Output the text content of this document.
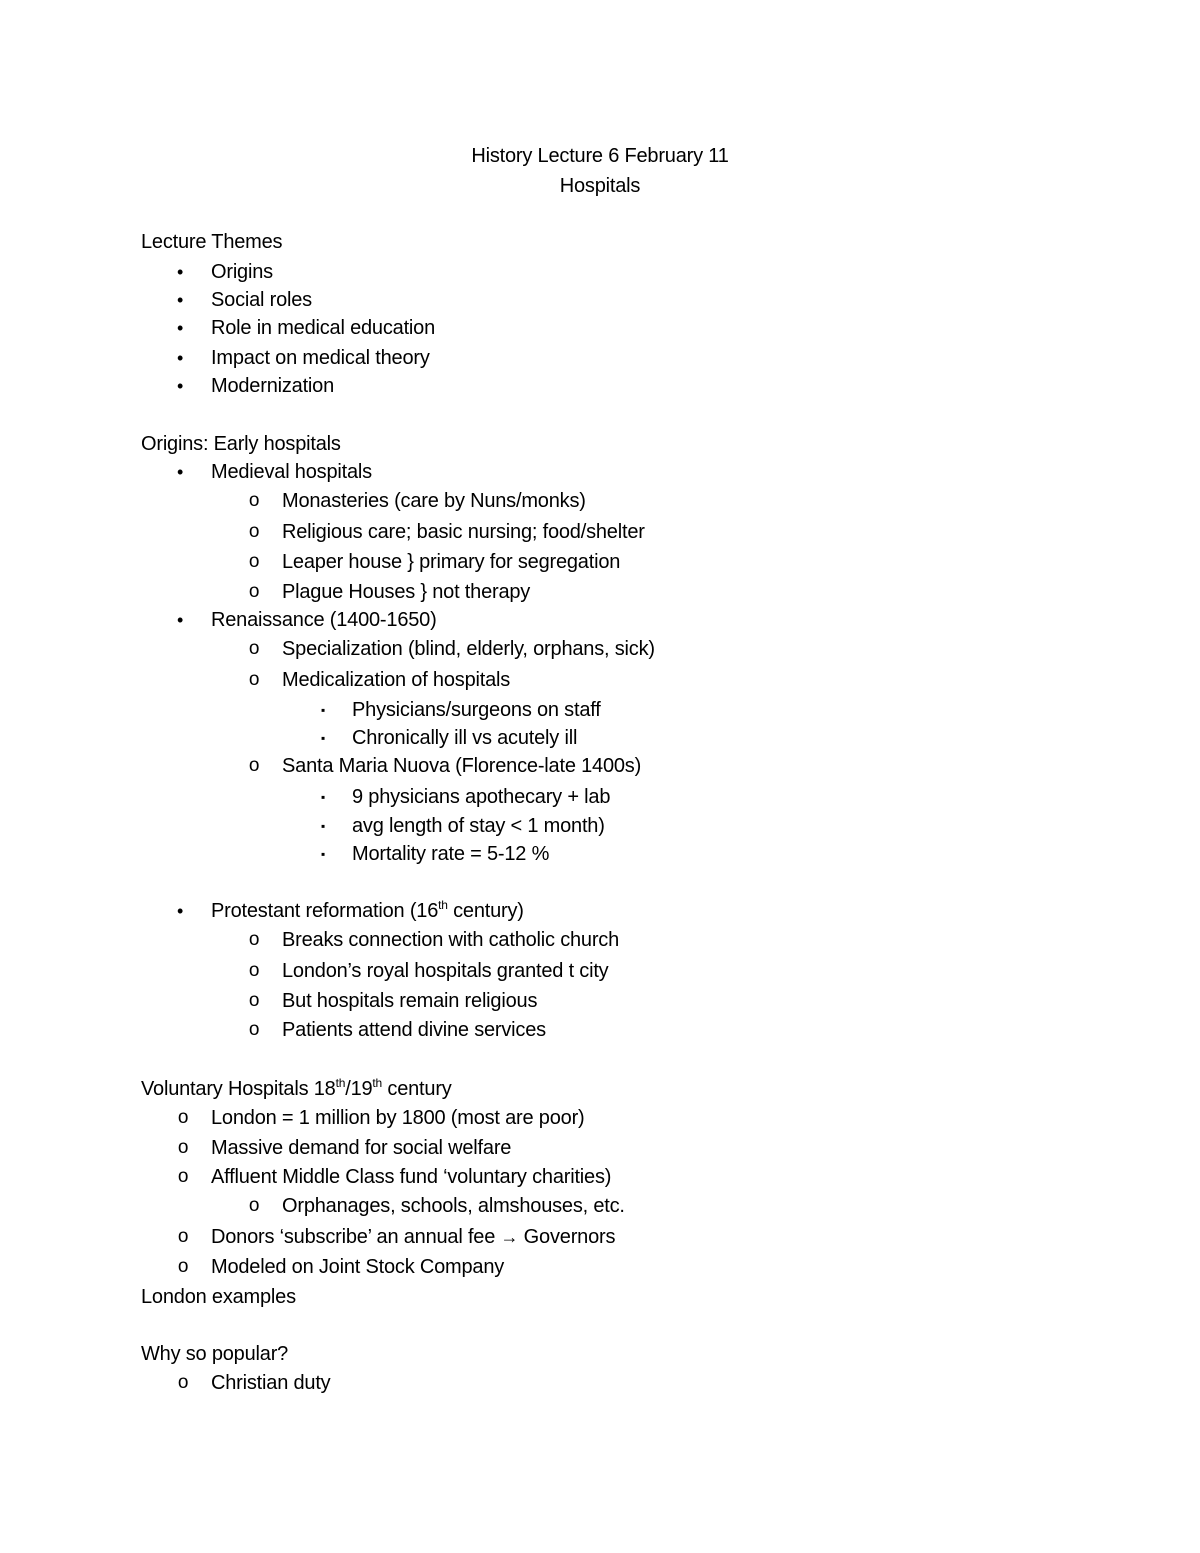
History Lecture 6 February 11
Hospitals
Lecture Themes
•	Origins
•	Social roles
•	Role in medical education
•	Impact on medical theory
•	Modernization
Origins: Early hospitals
•	Medieval hospitals
o Monasteries (care by Nuns/monks)
o Religious care; basic nursing; food/shelter
o Leaper house } primary for segregation
o Plague Houses } not therapy
•	Renaissance (1400-1650)
o Specialization (blind, elderly, orphans, sick)
o Medicalization of hospitals
▪	Physicians/surgeons on staff
▪	Chronically ill vs acutely ill
o Santa Maria Nuova (Florence-late 1400s)
▪	9 physicians apothecary + lab
▪	avg length of stay < 1 month)
▪	Mortality rate = 5-12 %
•	Protestant reformation (16th century)
o Breaks connection with catholic church
o London’s royal hospitals granted t city
o But hospitals remain religious
o Patients attend divine services
Voluntary Hospitals 18th/19th century
o London = 1 million by 1800 (most are poor)
o Massive demand for social welfare
o Affluent Middle Class fund ‘voluntary charities)
o Orphanages, schools, almshouses, etc.
o Donors ‘subscribe’ an annual fee → Governors
o Modeled on Joint Stock Company
London examples
Why so popular?
o Christian duty
